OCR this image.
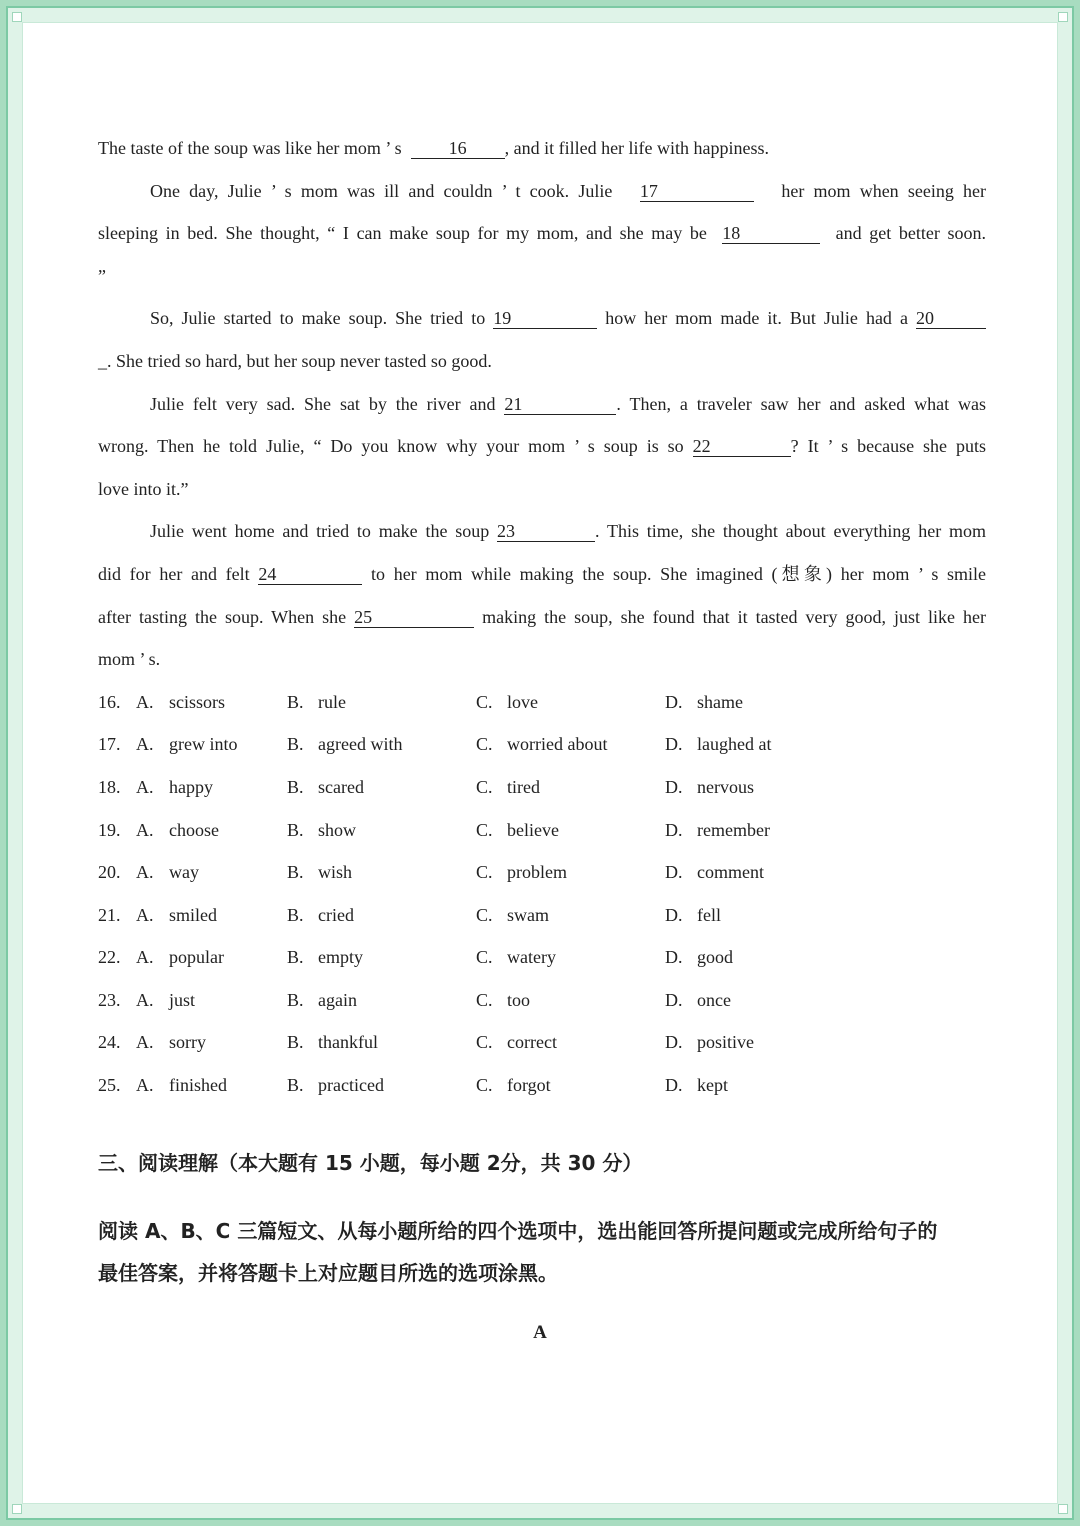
The taste of the soup was like her mom ’ s	16 , and it filled her life with happiness.
One day, Julie ’ s mom was ill and couldn ’ t cook. Julie 17	her mom when seeing her
sleeping in bed. She thought, “ I can make soup for my mom, and she may be 18	and get better soon.
”
So, Julie started to make soup. She tried to 19	how her mom made it. But Julie had a 20
_. She tried so hard, but her soup never tasted so good.
Julie felt very sad. She sat by the river and 21	. Then, a traveler saw her and asked what was
wrong. Then he told Julie, “ Do you know why your mom ’ s soup is so 22	? It ’ s because she puts
love into it.”
Julie went home and tried to make the soup 23	. This time, she thought about everything her mom
did for her and felt 24	to her mom while making the soup. She imagined (想象) her mom ’ s smile
after tasting the soup. When she 25	making the soup, she found that it tasted very good, just like her
mom ’ s.
16. A. scissors	B. rule	C. love	D. shame
17. A. grew into	B. agreed with	C. worried about	D. laughed at
18. A. happy	B. scared	C. tired	D. nervous
19. A. choose	B. show	C. believe	D. remember
20. A. way	B. wish	C. problem	D. comment
21. A. smiled	B. cried	C. swam	D. fell
22. A. popular	B. empty	C. watery	D. good
23. A. just	B. again	C. too	D. once
24. A. sorry	B. thankful	C. correct	D. positive
25. A. finished	B. practiced	C. forgot	D. kept
三、阅读理解（本大题有 15 小题，每小题 2分，共 30 分）
阅读 A、B、C 三篇短文、从每小题所给的四个选项中，选出能回答所提问题或完成所给句子的
最佳答案，并将答题卡上对应题目所选的选项涂黑。
A
